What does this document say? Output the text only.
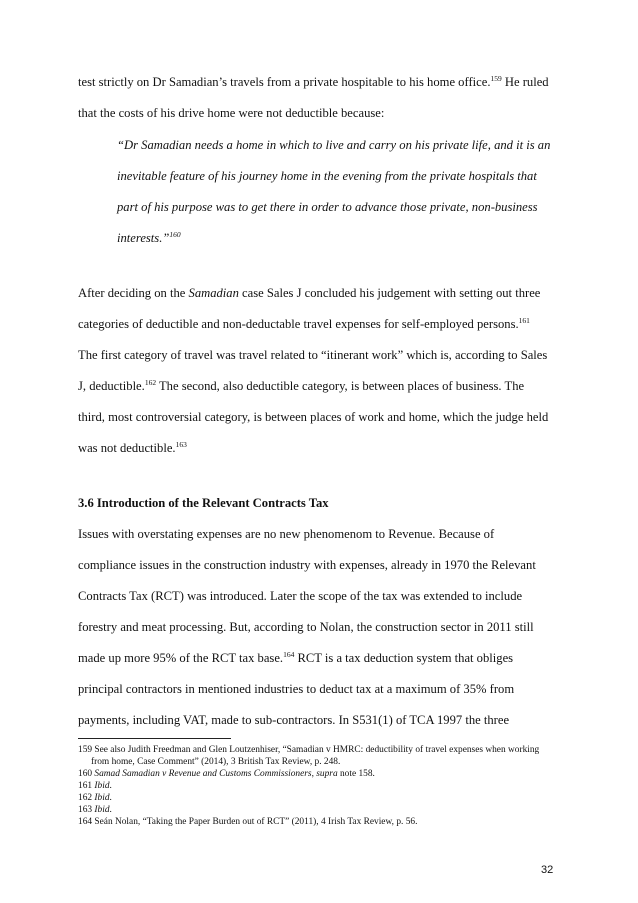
test strictly on Dr Samadian’s travels from a private hospitable to his home office.$^{159}$ He ruled
that the costs of his drive home were not deductible because:
“Dr Samadian needs a home in which to live and carry on his private life, and it is an
inevitable feature of his journey home in the evening from the private hospitals that
part of his purpose was to get there in order to advance those private, non-business
interests.”$^{160}$
After deciding on the Samadian case Sales J concluded his judgement with setting out three
categories of deductible and non-deductable travel expenses for self-employed persons.$^{161}$
The first category of travel was travel related to “itinerant work” which is, according to Sales
J, deductible.$^{162}$ The second, also deductible category, is between places of business. The
third, most controversial category, is between places of work and home, which the judge held
was not deductible.$^{163}$
3.6 Introduction of the Relevant Contracts Tax
Issues with overstating expenses are no new phenomenom to Revenue. Because of
compliance issues in the construction industry with expenses, already in 1970 the Relevant
Contracts Tax (RCT) was introduced. Later the scope of the tax was extended to include
forestry and meat processing. But, according to Nolan, the construction sector in 2011 still
made up more 95% of the RCT tax base.$^{164}$ RCT is a tax deduction system that obliges
principal contractors in mentioned industries to deduct tax at a maximum of 35% from
payments, including VAT, made to sub-contractors. In S531(1) of TCA 1997 the three
159 See also Judith Freedman and Glen Loutzenhiser, “Samadian v HMRC: deductibility of travel expenses when working
from home, Case Comment” (2014), 3 British Tax Review, p. 248.
160 Samad Samadian v Revenue and Customs Commissioners, supra note 158.
161 Ibid.
162 Ibid.
163 Ibid.
164 Seán Nolan, “Taking the Paper Burden out of RCT” (2011), 4 Irish Tax Review, p. 56.
32
